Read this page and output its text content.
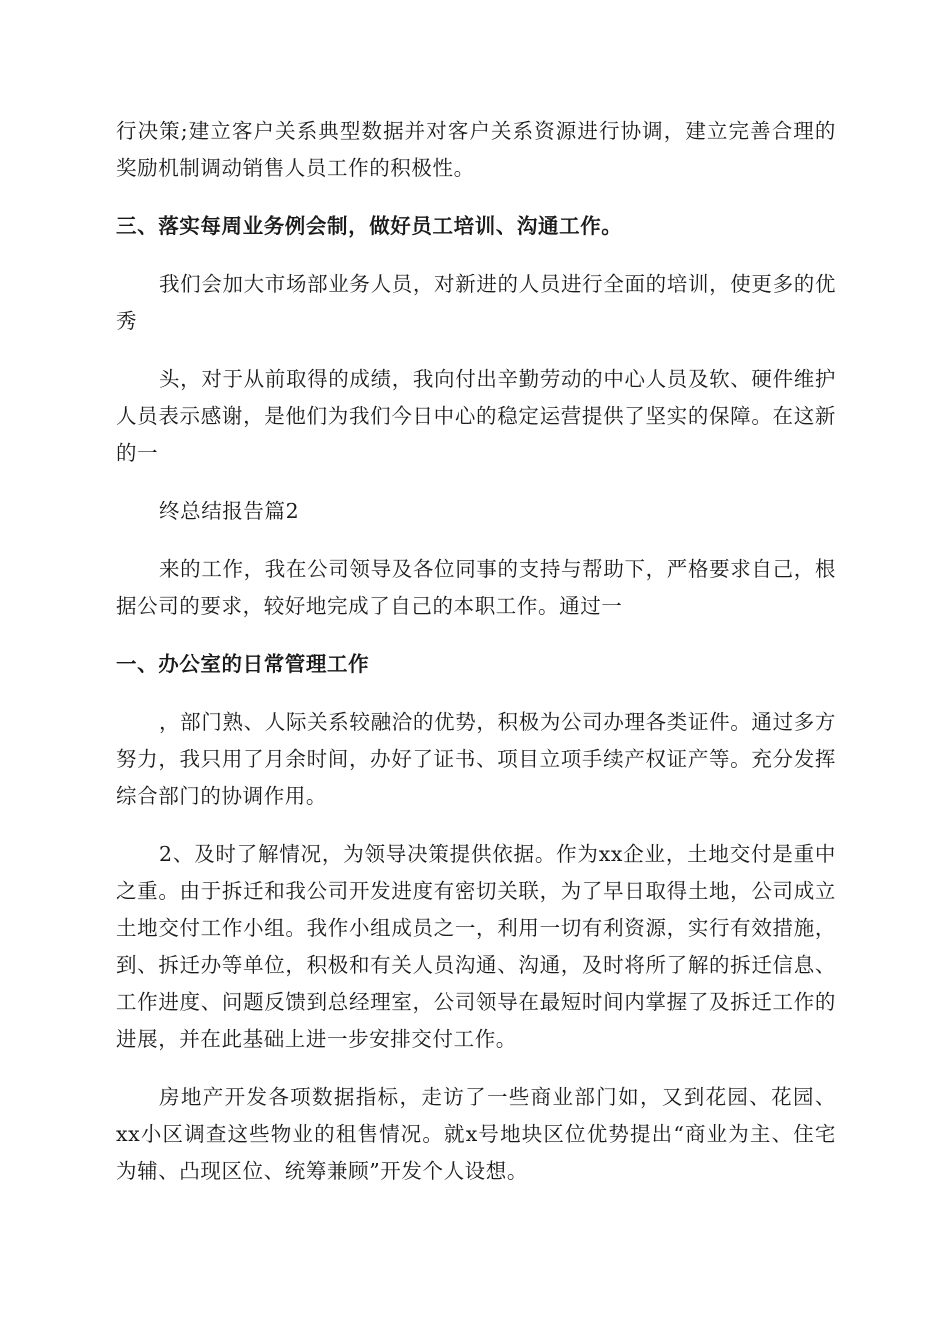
行决策;建立客户关系典型数据并对客户关系资源进行协调，建立完善合理的奖励机制调动销售人员工作的积极性。

三、落实每周业务例会制，做好员工培训、沟通工作。

我们会加大市场部业务人员，对新进的人员进行全面的培训，使更多的优秀

头，对于从前取得的成绩，我向付出辛勤劳动的中心人员及软、硬件维护人员表示感谢，是他们为我们今日中心的稳定运营提供了坚实的保障。在这新的一

终总结报告篇2

来的工作，我在公司领导及各位同事的支持与帮助下，严格要求自己，根据公司的要求，较好地完成了自己的本职工作。通过一

一、办公室的日常管理工作

，部门熟、人际关系较融洽的优势，积极为公司办理各类证件。通过多方努力，我只用了月余时间，办好了证书、项目立项手续产权证产等。充分发挥综合部门的协调作用。

2、及时了解情况，为领导决策提供依据。作为xx企业，土地交付是重中之重。由于拆迁和我公司开发进度有密切关联，为了早日取得土地，公司成立土地交付工作小组。我作小组成员之一，利用一切有利资源，实行有效措施，到、拆迁办等单位，积极和有关人员沟通、沟通，及时将所了解的拆迁信息、工作进度、问题反馈到总经理室，公司领导在最短时间内掌握了及拆迁工作的进展，并在此基础上进一步安排交付工作。

房地产开发各项数据指标，走访了一些商业部门如，又到花园、花园、xx小区调查这些物业的租售情况。就x号地块区位优势提出“商业为主、住宅为辅、凸现区位、统筹兼顾”开发个人设想。
